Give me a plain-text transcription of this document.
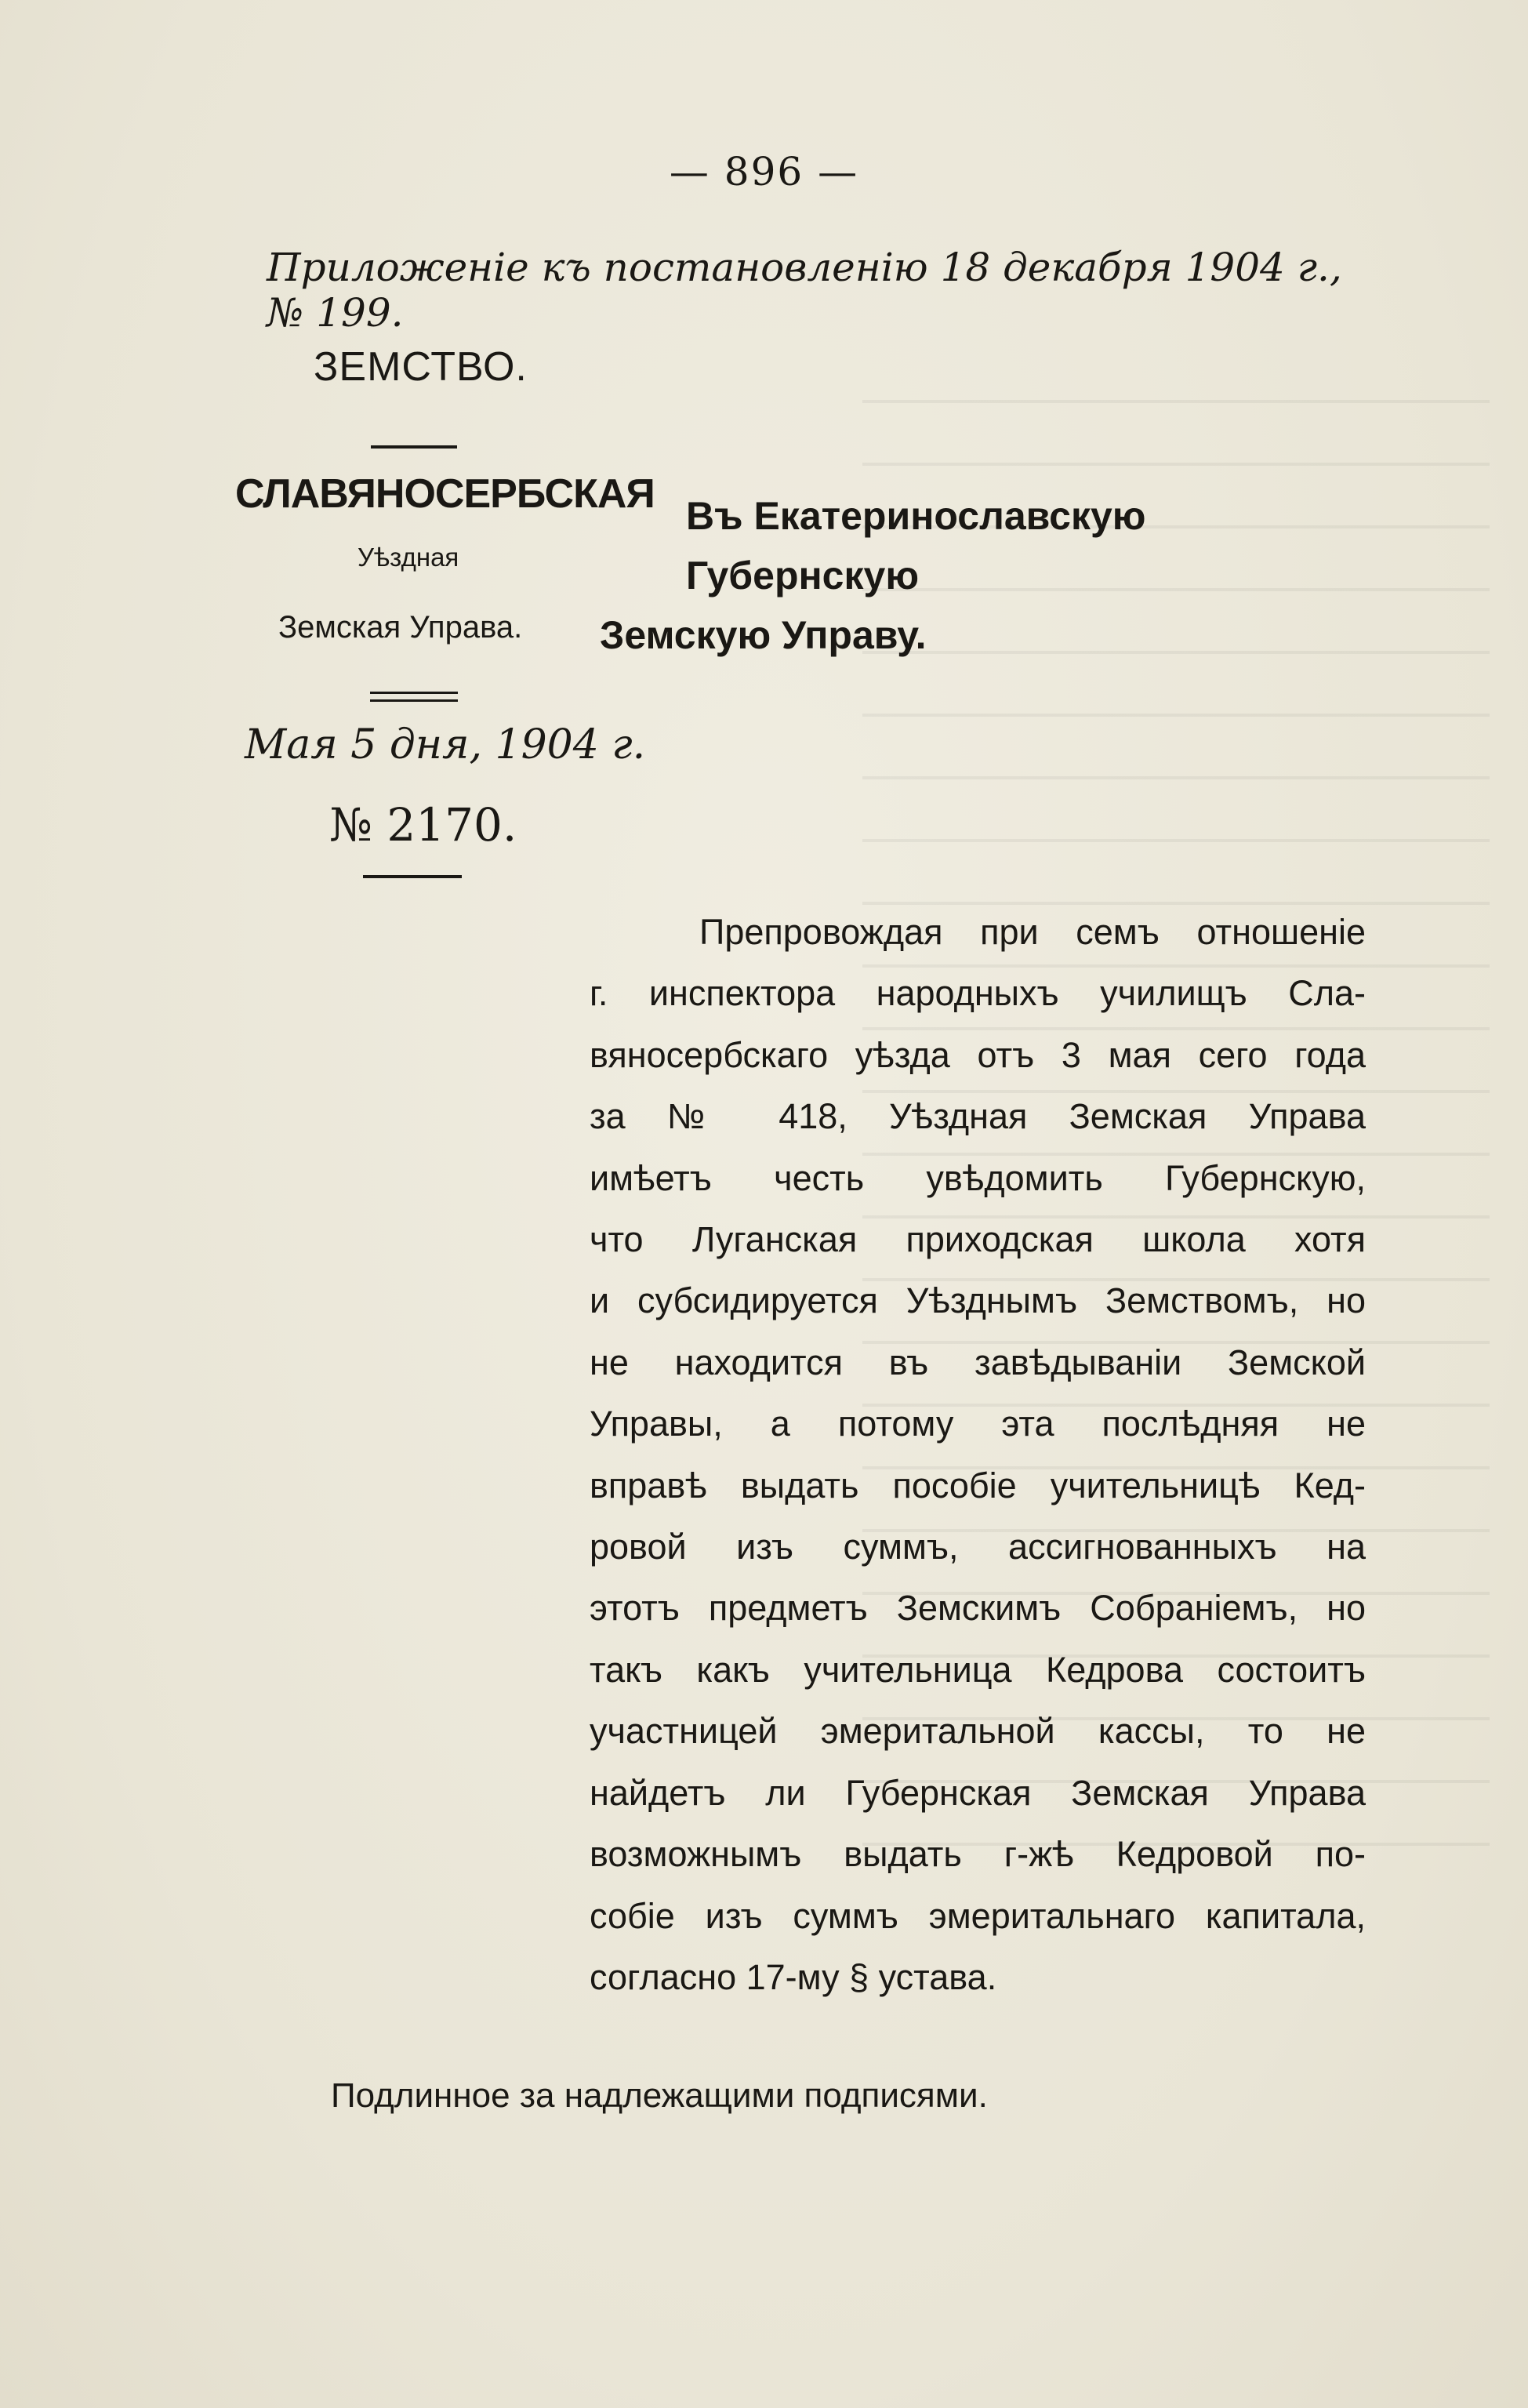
— 896 —
Приложенiе къ постановленiю 18 декабря 1904 г., № 199.
ЗЕМСТВО.
СЛАВЯНОСЕРБСКАЯ
Уѣздная
Земская Управа.
Мая 5 дня, 1904 г.
№ 2170.
Въ Екатеринославскую Губернскую
Земскую Управу.
Препровождая при семъ отношенiе
г. инспектора народныхъ училищъ Сла-
вяносербскаго уѣзда отъ 3 мая сего года
за № 418, Уѣздная Земская Управа
имѣетъ честь увѣдомить Губернскую,
что Луганская приходская школа хотя
и субсидируется Уѣзднымъ Земствомъ, но
не находится въ завѣдываніи Земской
Управы, а потому эта послѣдняя не
вправѣ выдать пособіе учительницѣ Кед-
ровой изъ суммъ, ассигнованныхъ на
этотъ предметъ Земскимъ Собраніемъ, но
такъ какъ учительница Кедрова состоитъ
участницей эмеритальной кассы, то не
найдетъ ли Губернская Земская Управа
возможнымъ выдать г-жѣ Кедровой по-
собіе изъ суммъ эмеритальнаго капитала,
согласно 17-му § устава.
Подлинное за надлежащими подписями.
